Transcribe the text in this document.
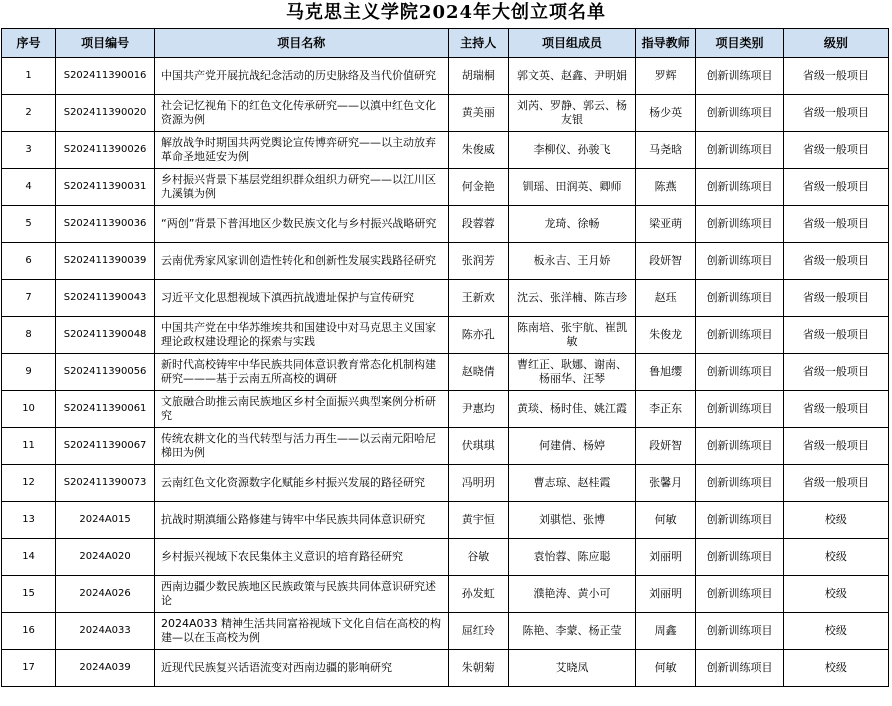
马克思主义学院2024年大创立项名单
序号	项目编号	项目名称	主持人	项目组成员	指导教师	项目类别	级别
1	S202411390016	中国共产党开展抗战纪念活动的历史脉络及当代价值研究	胡瑞桐	郭文英、赵鑫、尹明娟	罗辉	创新训练项目	省级一般项目
2	S202411390020	社会记忆视角下的红色文化传承研究——以滇中红色文化资源为例	黄美丽	刘芮、罗静、郭云、杨友银	杨少英	创新训练项目	省级一般项目
3	S202411390026	解放战争时期国共两党舆论宣传博弈研究——以主动放弃革命圣地延安为例	朱俊威	李柳仪、孙骏飞	马尧晗	创新训练项目	省级一般项目
4	S202411390031	乡村振兴背景下基层党组织群众组织力研究——以江川区九溪镇为例	何金艳	钏瑶、田润英、卿师	陈燕	创新训练项目	省级一般项目
5	S202411390036	“两创”背景下普洱地区少数民族文化与乡村振兴战略研究	段蓉蓉	龙琦、徐畅	梁亚萌	创新训练项目	省级一般项目
6	S202411390039	云南优秀家风家训创造性转化和创新性发展实践路径研究	张润芳	板永吉、王月娇	段妍智	创新训练项目	省级一般项目
7	S202411390043	习近平文化思想视域下滇西抗战遗址保护与宣传研究	王新欢	沈云、张洋楠、陈吉珍	赵珏	创新训练项目	省级一般项目
8	S202411390048	中国共产党在中华苏维埃共和国建设中对马克思主义国家理论政权建设理论的探索与实践	陈亦孔	陈南培、张宇航、崔凯敏	朱俊龙	创新训练项目	省级一般项目
9	S202411390056	新时代高校铸牢中华民族共同体意识教育常态化机制构建研究———基于云南五所高校的调研	赵晓倩	曹红正、耿娜、谢南、杨丽华、汪琴	鲁旭缨	创新训练项目	省级一般项目
10	S202411390061	文旅融合助推云南民族地区乡村全面振兴典型案例分析研究	尹惠均	黄琰、杨时佳、姚江霞	李正东	创新训练项目	省级一般项目
11	S202411390067	传统农耕文化的当代转型与活力再生——以云南元阳哈尼梯田为例	伏琪琪	何建倩、杨婷	段妍智	创新训练项目	省级一般项目
12	S202411390073	云南红色文化资源数字化赋能乡村振兴发展的路径研究	冯明玥	曹志琼、赵桂霞	张馨月	创新训练项目	省级一般项目
13	2024A015	抗战时期滇缅公路修建与铸牢中华民族共同体意识研究	黄宇恒	刘骐恺、张博	何敏	创新训练项目	校级
14	2024A020	乡村振兴视域下农民集体主义意识的培育路径研究	谷敏	袁怡蓉、陈应聪	刘丽明	创新训练项目	校级
15	2024A026	西南边疆少数民族地区民族政策与民族共同体意识研究述论	孙发虹	濮艳涛、黄小可	刘丽明	创新训练项目	校级
16	2024A033	2024A033 精神生活共同富裕视域下文化自信在高校的构建—以在玉高校为例	屈红玲	陈艳、李蒙、杨正莹	周鑫	创新训练项目	校级
17	2024A039	近现代民族复兴话语流变对西南边疆的影响研究	朱朝菊	艾晓凤	何敏	创新训练项目	校级
